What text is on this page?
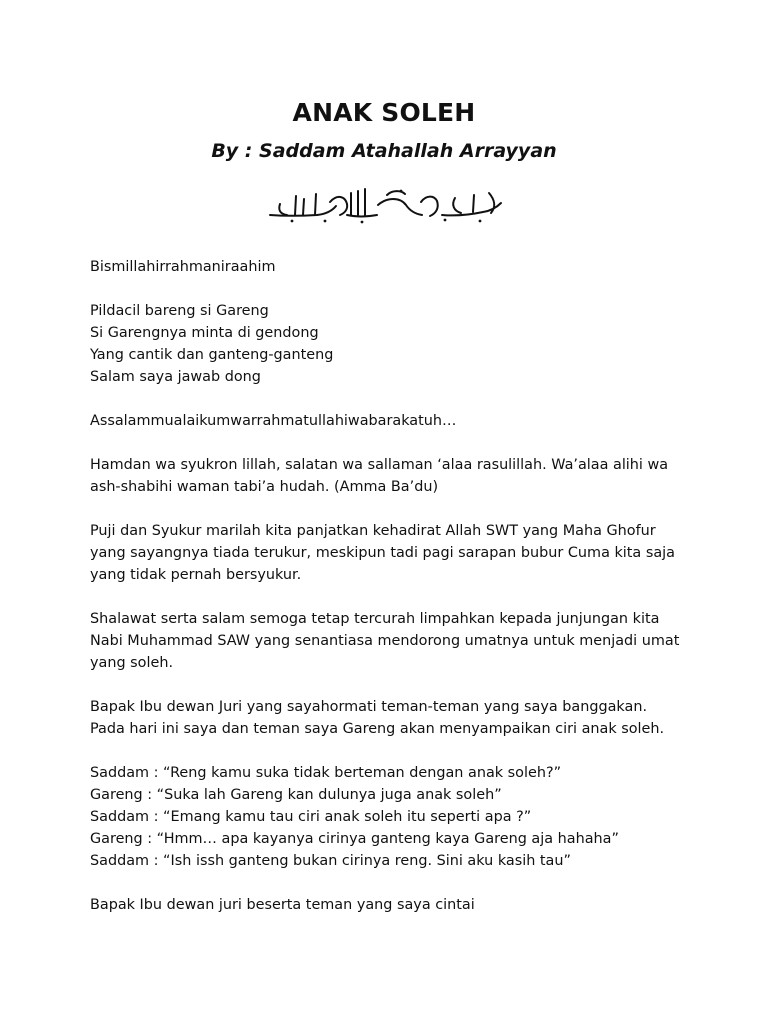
ANAK SOLEH
By : Saddam Atahallah Arrayyan
Bismillahirrahmaniraahim
Pildacil bareng si Gareng
Si Garengnya minta di gendong
Yang cantik dan ganteng-ganteng
Salam saya jawab dong
Assalammualaikumwarrahmatullahiwabarakatuh…
Hamdan wa syukron lillah, salatan wa sallaman ‘alaa rasulillah. Wa’alaa alihi wa
ash-shabihi waman tabi’a hudah. (Amma Ba’du)
Puji dan Syukur marilah kita panjatkan kehadirat Allah SWT yang Maha Ghofur
yang sayangnya tiada terukur, meskipun tadi pagi sarapan bubur Cuma kita saja
yang tidak pernah bersyukur.
Shalawat serta salam semoga tetap tercurah limpahkan kepada junjungan kita
Nabi Muhammad SAW yang senantiasa mendorong umatnya untuk menjadi umat
yang soleh.
Bapak Ibu dewan Juri yang sayahormati teman-teman yang saya banggakan.
Pada hari ini saya dan teman saya Gareng akan menyampaikan ciri anak soleh.
Saddam : “Reng kamu suka tidak berteman dengan anak soleh?”
Gareng : “Suka lah Gareng kan dulunya juga anak soleh”
Saddam : “Emang kamu tau ciri anak soleh itu seperti apa ?”
Gareng : “Hmm… apa kayanya cirinya ganteng kaya Gareng aja hahaha”
Saddam : “Ish issh ganteng bukan cirinya reng. Sini aku kasih tau”
Bapak Ibu dewan juri beserta teman yang saya cintai
